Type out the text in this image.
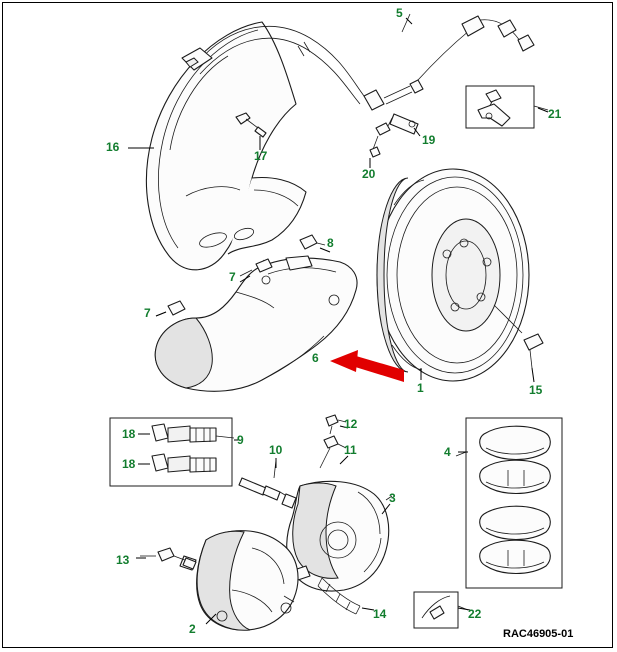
1
2
3
4
5
6
7
7
8
9
10	11
12
13
14
15
16
17
18
18
19
20
21
22
RAC46905-01
